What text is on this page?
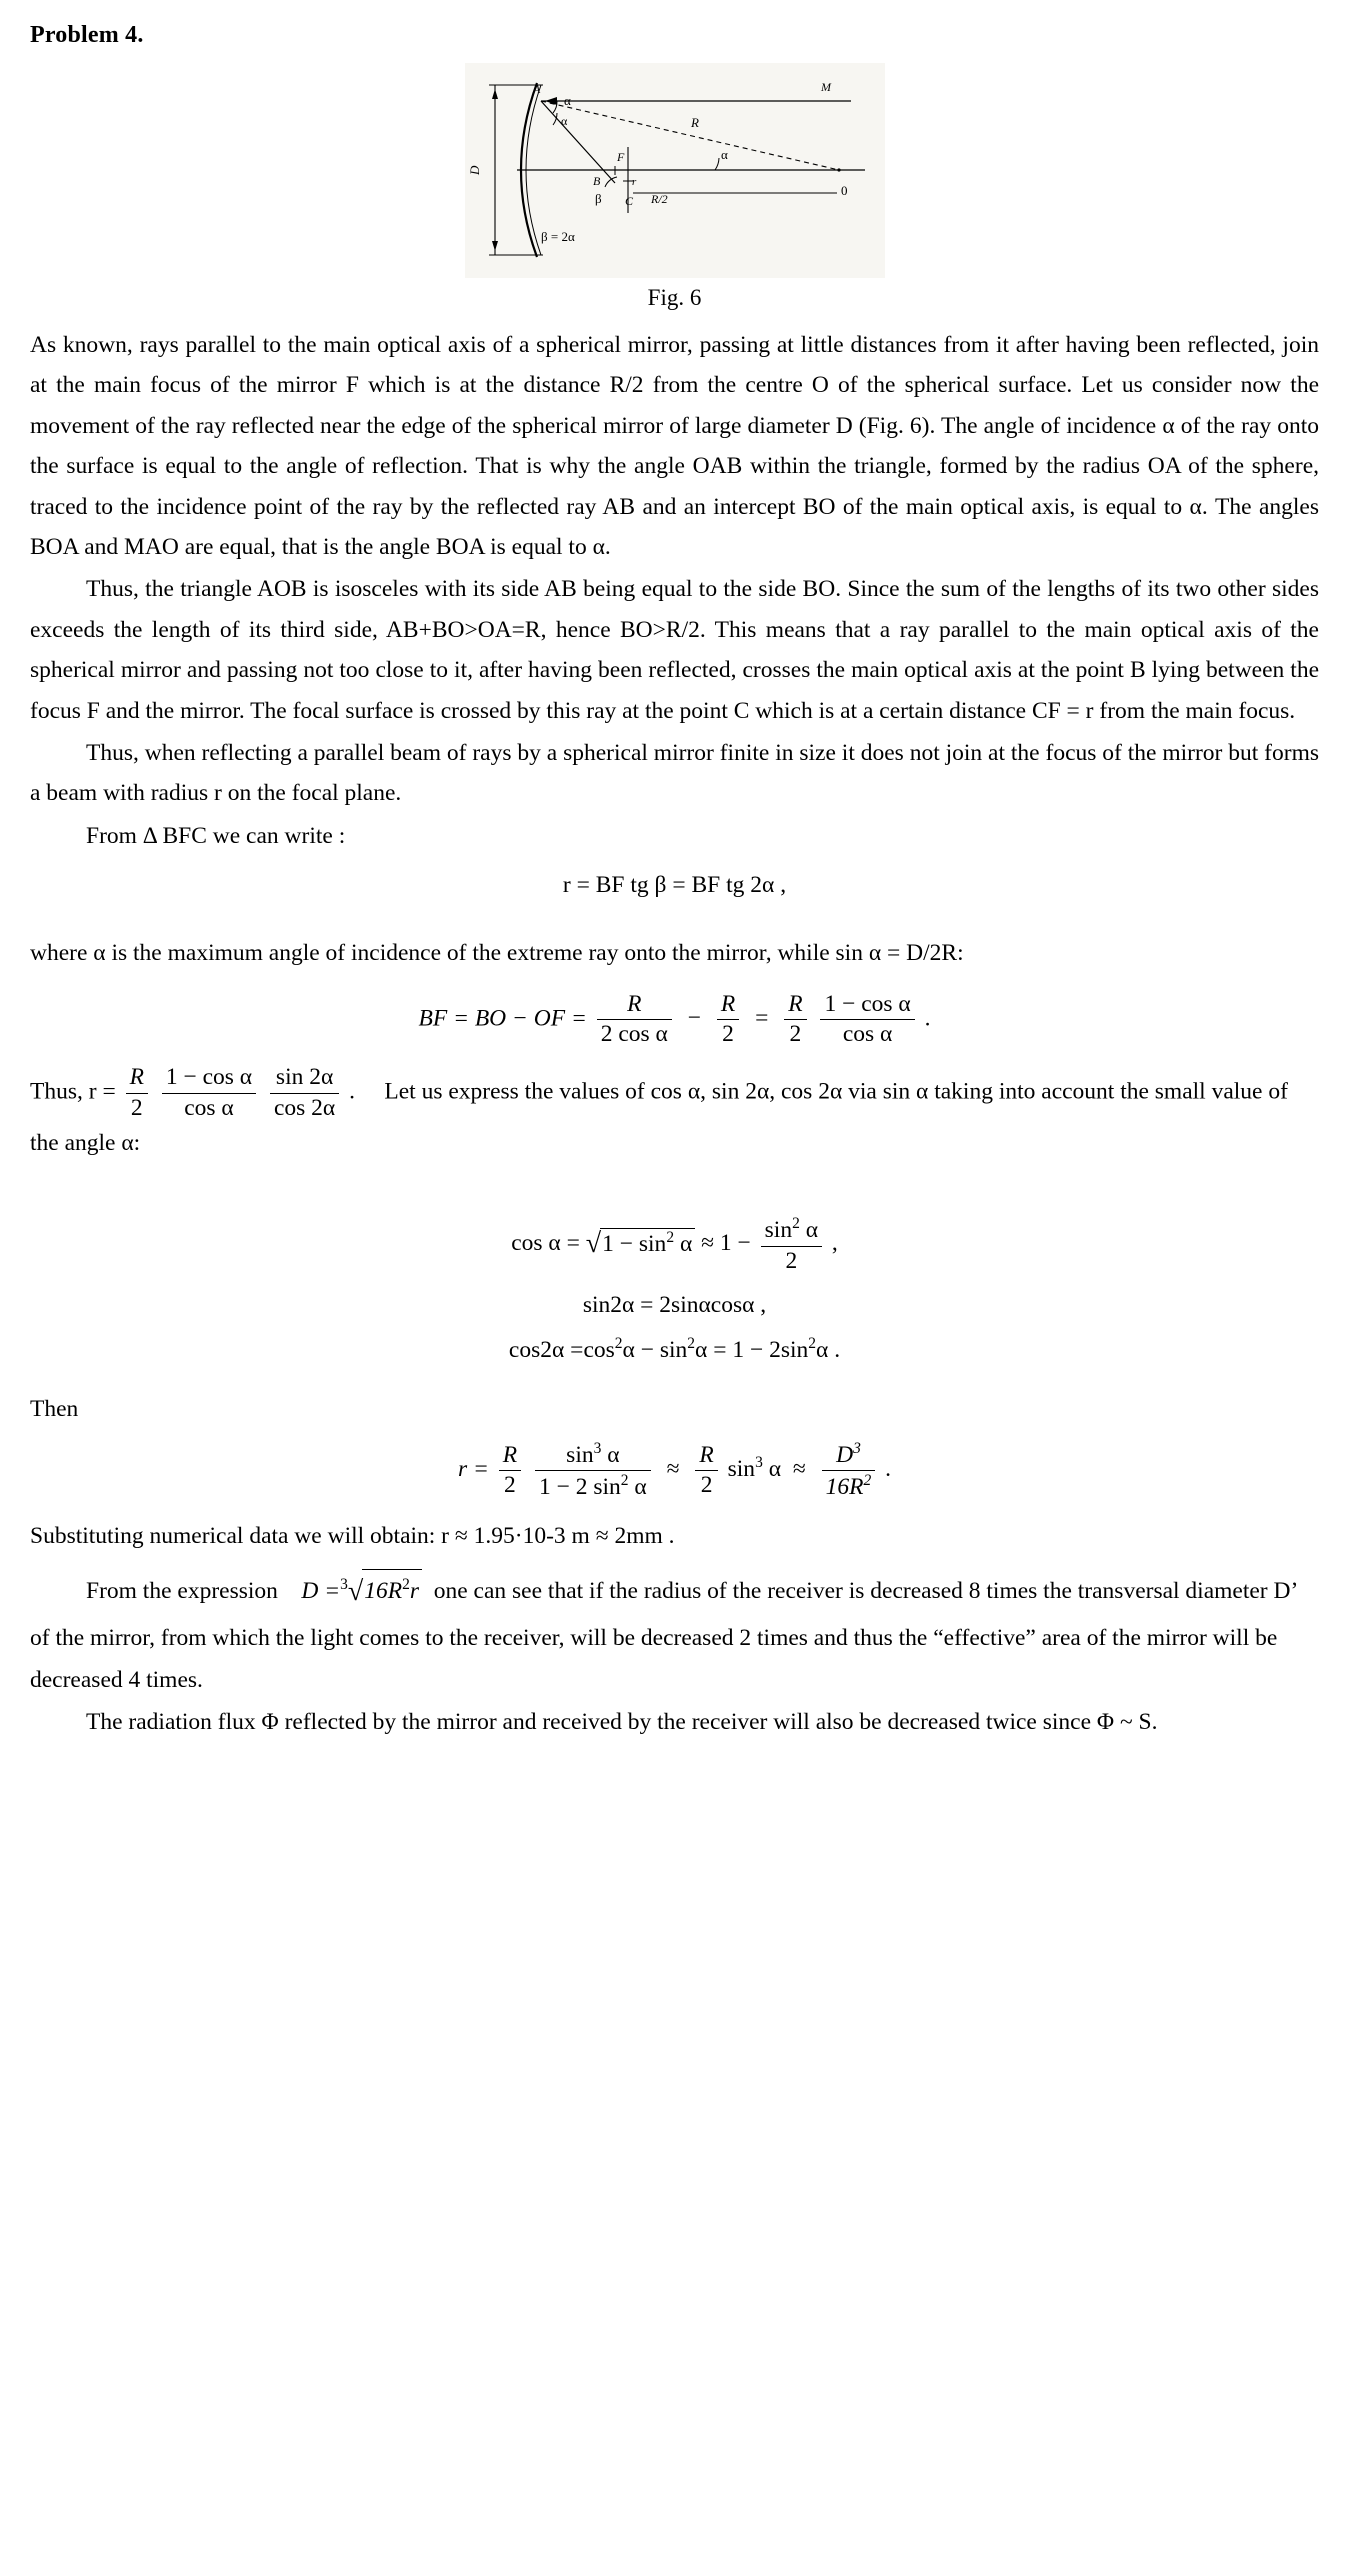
Problem 4.
A	M
α
α	R
α
F
B	r
C R/2
β
0
D
β = 2α
Fig. 6

As known, rays parallel to the main optical axis of a spherical mirror, passing at little distances from it after having been reflected, join at the main focus of the mirror F which is at the distance R/2 from the centre O of the spherical surface. Let us consider now the movement of the ray reflected near the edge of the spherical mirror of large diameter D (Fig. 6). The angle of incidence α of the ray onto the surface is equal to the angle of reflection. That is why the angle OAB within the triangle, formed by the radius OA of the sphere, traced to the incidence point of the ray by the reflected ray AB and an intercept BO of the main optical axis, is equal to α. The angles BOA and MAO are equal, that is the angle BOA is equal to α.

Thus, the triangle AOB is isosceles with its side AB being equal to the side BO. Since the sum of the lengths of its two other sides exceeds the length of its third side, AB+BO>OA=R, hence BO>R/2. This means that a ray parallel to the main optical axis of the spherical mirror and passing not too close to it, after having been reflected, crosses the main optical axis at the point B lying between the focus F and the mirror. The focal surface is crossed by this ray at the point C which is at a certain distance CF = r from the main focus.

Thus, when reflecting a parallel beam of rays by a spherical mirror finite in size it does not join at the focus of the mirror but forms a beam with radius r on the focal plane.

From Δ BFC we can write :

r = BF tg β = BF tg 2α ,

where α is the maximum angle of incidence of the extreme ray onto the mirror, while sin α = D/2R:

BF = BO − OF = $\frac{R}{\text{2 cos α}} - \frac{R}{2} = \frac{R}{2}$
$\frac{\text{1 − cos α}}{\text{cos α}}$ .
Thus, $r = \frac{R}{2}$
$\frac{\text{1 − cos α}}{\text{cos α}}$
$\frac{\sin 2\alpha}{\cos 2\alpha}$ .     Let us express the values of cos α, sin 2α, cos 2α via sin α taking into account the small value of the angle α:
$\cos \alpha = √1 - \sin^2 \alpha \approx 1 - \frac{\sin^2 \alpha}{2}$ ,
sin2α = 2sinαcosα ,
$\cos 2\alpha =\cos^2\alpha - \sin^2\alpha = 1 - 2\sin^2\alpha$ .
Then
$r = \frac{R}{2}$
$\frac{\sin^3 \alpha}{1 - 2 \sin^2 \alpha} \approx \frac{R}{2} \sin^3 \alpha \approx \frac{D^3}{16R^2}$ .

Substituting numerical data we will obtain: r ≈ 1.95·10-3 m ≈ 2mm .

From the expression $D =^3√16R^2r$ one can see that if the radius of the receiver is decreased 8 times the transversal diameter D’ of the mirror, from which the light comes to the receiver, will be decreased 2 times and thus the “effective” area of the mirror will be decreased 4 times.

The radiation flux Φ reflected by the mirror and received by the receiver will also be decreased twice since Φ ~ S.
